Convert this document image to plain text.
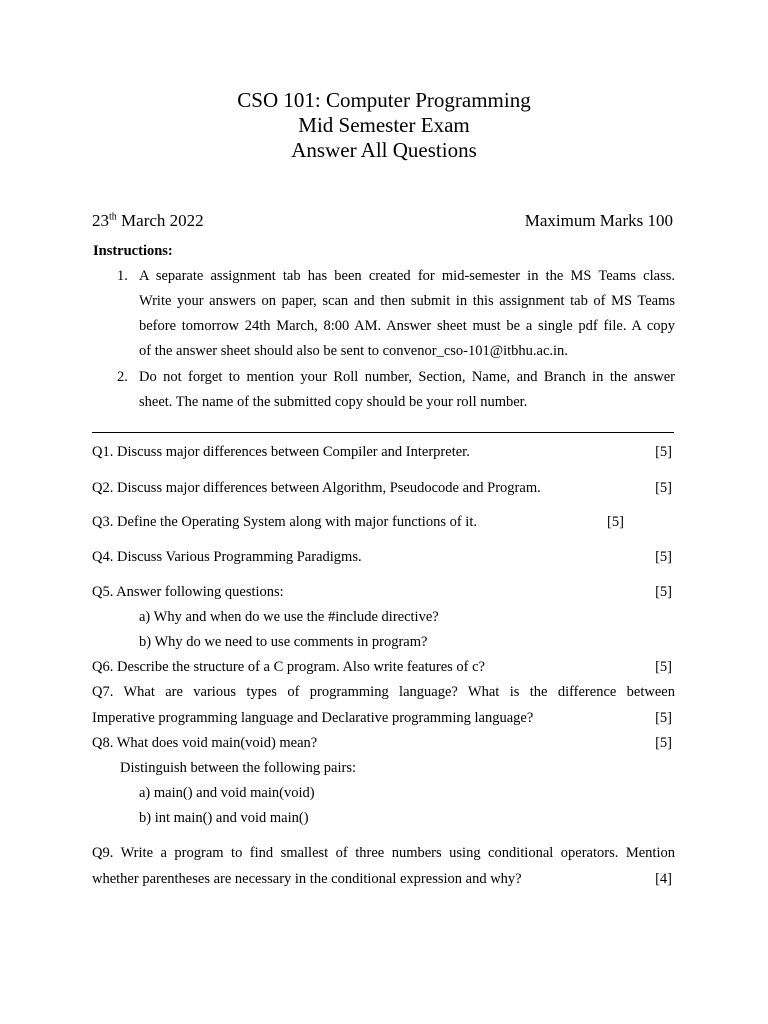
CSO 101: Computer Programming
Mid Semester Exam
Answer All Questions
23th March 2022	Maximum Marks 100
Instructions:
1. A separate assignment tab has been created for mid-semester in the MS Teams class.
Write your answers on paper, scan and then submit in this assignment tab of MS Teams
before tomorrow 24th March, 8:00 AM. Answer sheet must be a single pdf file. A copy
of the answer sheet should also be sent to convenor_cso-101@itbhu.ac.in.
2. Do not forget to mention your Roll number, Section, Name, and Branch in the answer
sheet. The name of the submitted copy should be your roll number.
Q1. Discuss major differences between Compiler and Interpreter.	[5]
Q2. Discuss major differences between Algorithm, Pseudocode and Program.	[5]
Q3. Define the Operating System along with major functions of it.	[5]
Q4. Discuss Various Programming Paradigms.	[5]
Q5. Answer following questions:	[5]
a) Why and when do we use the #include directive?
b) Why do we need to use comments in program?
Q6. Describe the structure of a C program. Also write features of c?	[5]
Q7. What are various types of programming language? What is the difference between
Imperative programming language and Declarative programming language?	[5]
Q8. What does void main(void) mean?	[5]
Distinguish between the following pairs:
a) main() and void main(void)
b) int main() and void main()
Q9. Write a program to find smallest of three numbers using conditional operators. Mention
whether parentheses are necessary in the conditional expression and why?	[4]
